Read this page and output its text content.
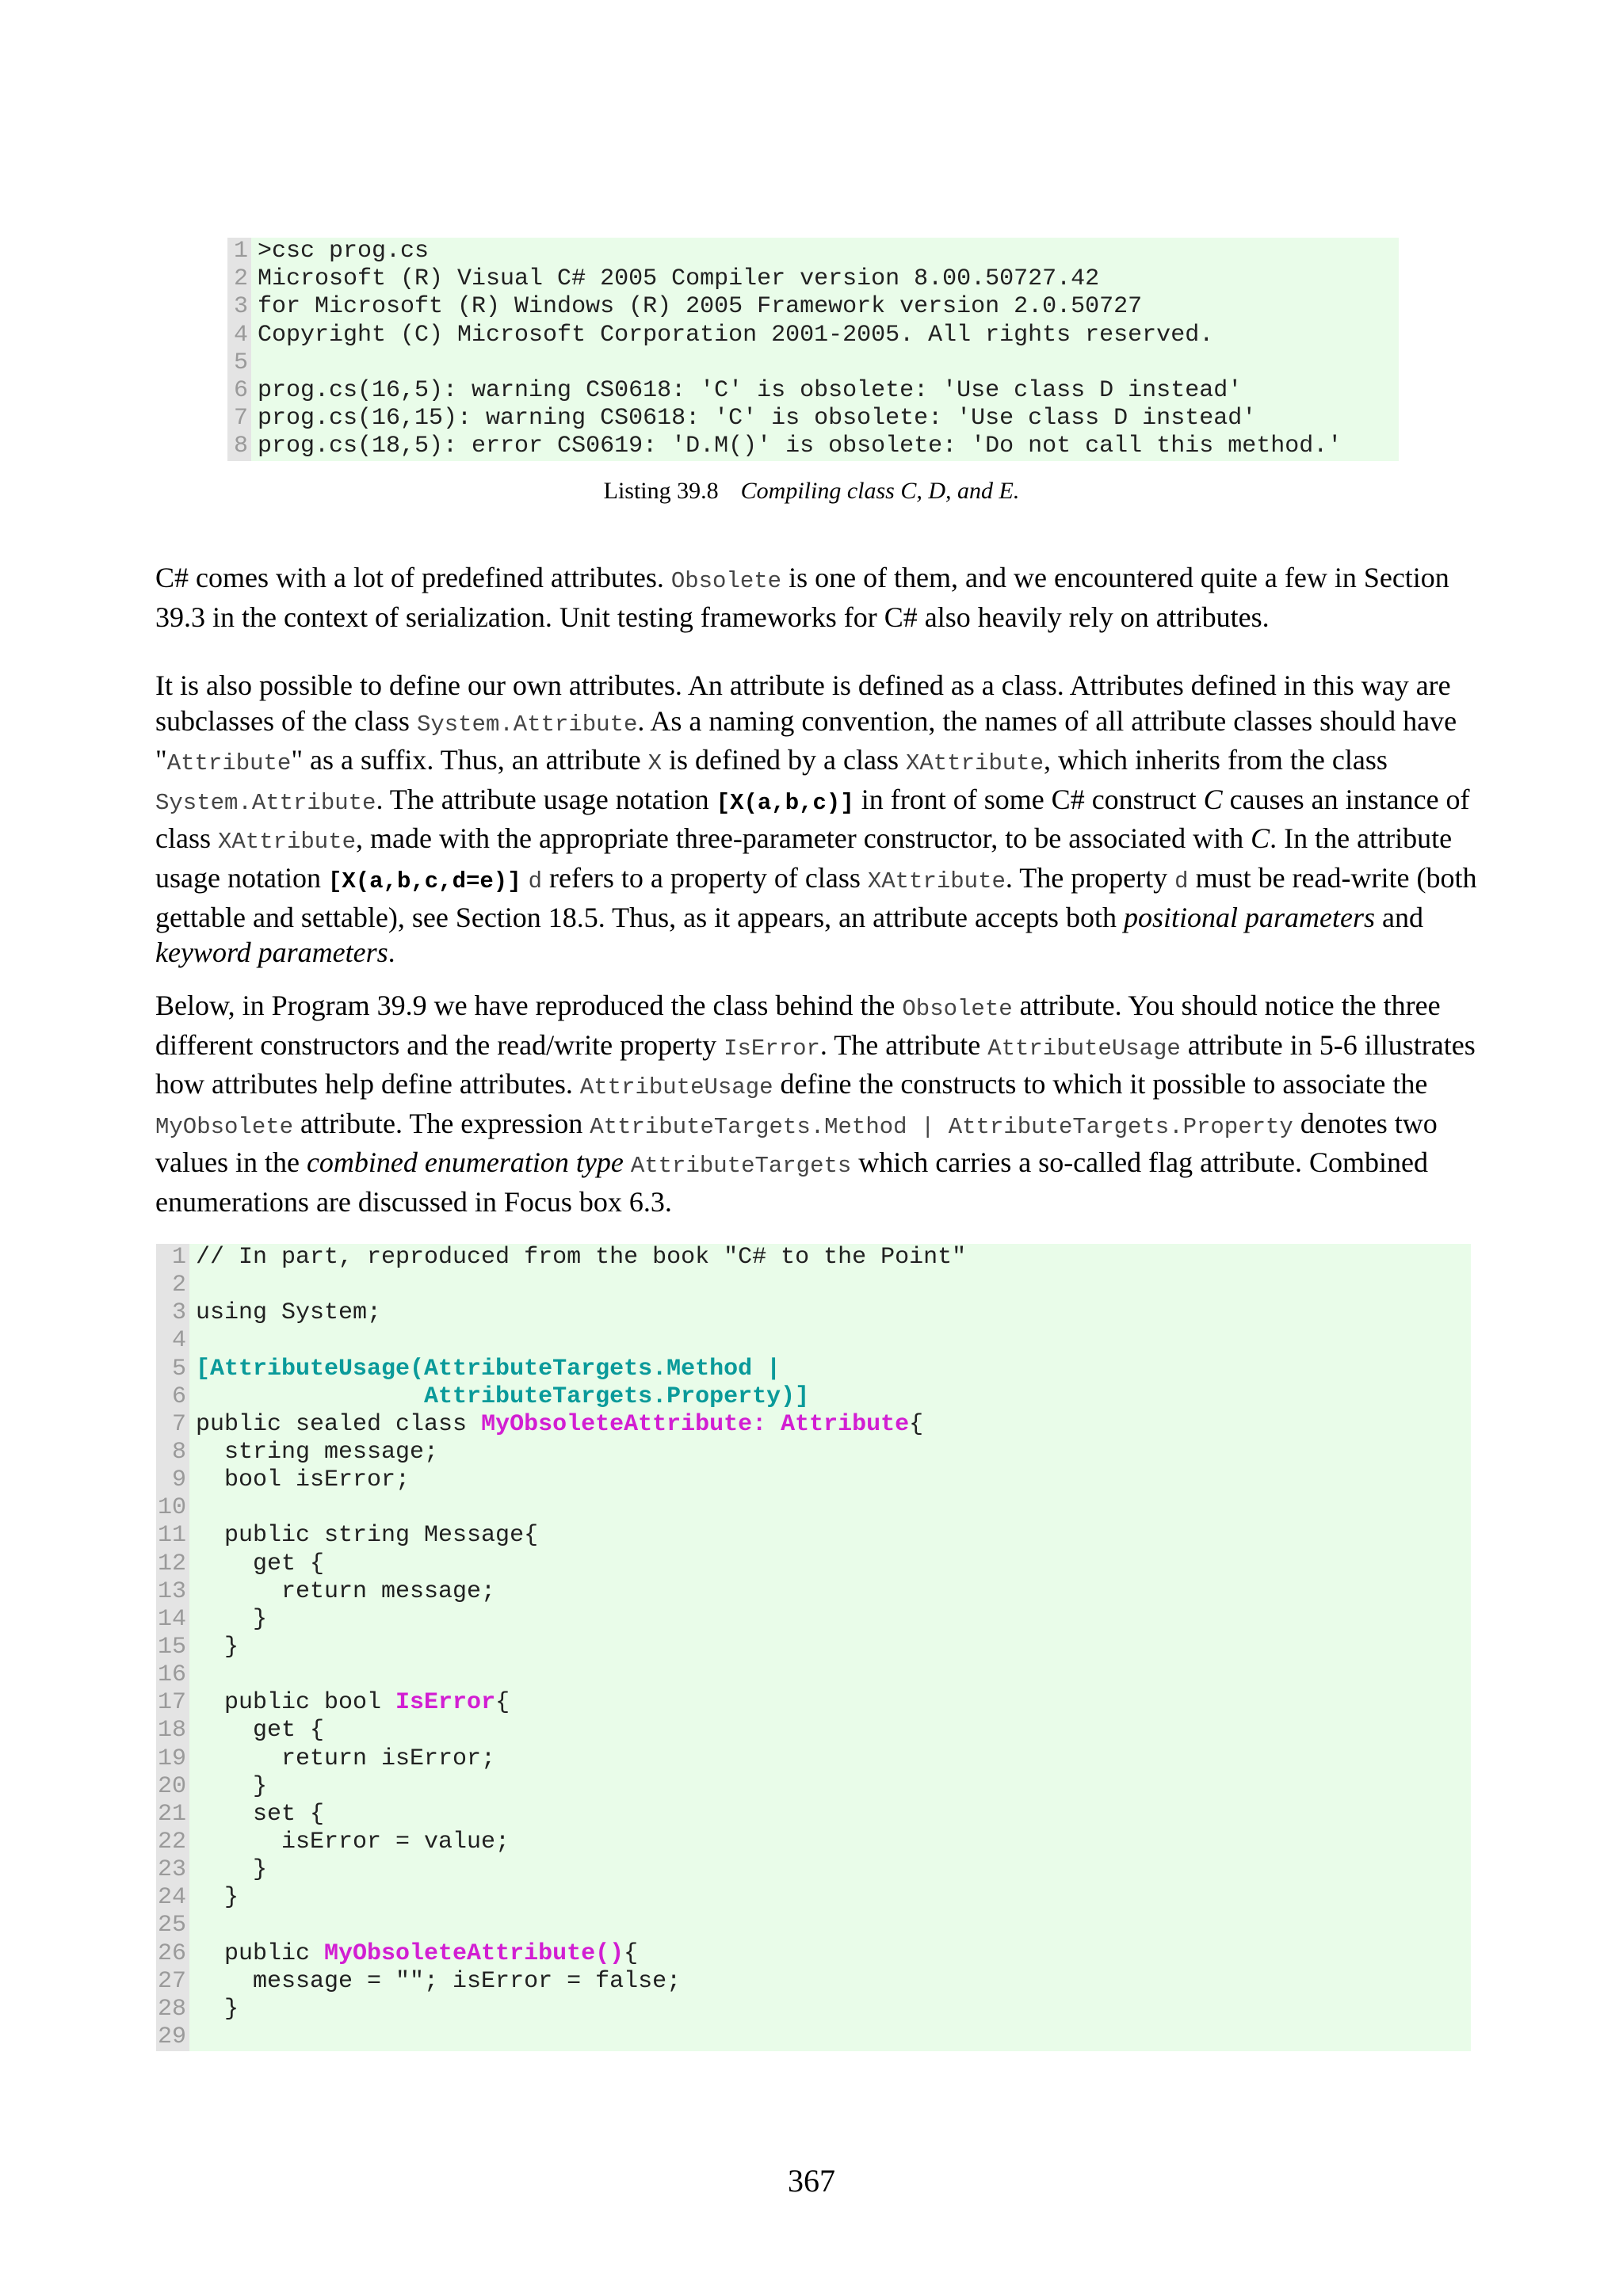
1 >csc prog.cs
2 Microsoft (R) Visual C# 2005 Compiler version 8.00.50727.42
3 for Microsoft (R) Windows (R) 2005 Framework version 2.0.50727
4 Copyright (C) Microsoft Corporation 2001-2005. All rights reserved.
5
6 prog.cs(16,5): warning CS0618: 'C' is obsolete: 'Use class D instead'
7 prog.cs(16,15): warning CS0618: 'C' is obsolete: 'Use class D instead'
8 prog.cs(18,5): error CS0619: 'D.M()' is obsolete: 'Do not call this method.'
Listing 39.8 Compiling class C, D, and E.

C# comes with a lot of predefined attributes. Obsolete is one of them, and we encountered quite a few in Section 39.3 in the context of serialization. Unit testing frameworks for C# also heavily rely on attributes.

It is also possible to define our own attributes. An attribute is defined as a class. Attributes defined in this way are subclasses of the class System.Attribute. As a naming convention, the names of all attribute classes should have "Attribute" as a suffix. Thus, an attribute X is defined by a class XAttribute, which inherits from the class System.Attribute. The attribute usage notation [X(a,b,c)] in front of some C# construct C causes an instance of class XAttribute, made with the appropriate three-parameter constructor, to be associated with C. In the attribute usage notation [X(a,b,c,d=e)] d refers to a property of class XAttribute. The property d must be read-write (both gettable and settable), see Section 18.5. Thus, as it appears, an attribute accepts both positional parameters and keyword parameters.

Below, in Program 39.9 we have reproduced the class behind the Obsolete attribute. You should notice the three different constructors and the read/write property IsError. The attribute AttributeUsage attribute in 5-6 illustrates how attributes help define attributes. AttributeUsage define the constructs to which it possible to associate the MyObsolete attribute. The expression AttributeTargets.Method | AttributeTargets.Property denotes two values in the combined enumeration type AttributeTargets which carries a so-called flag attribute. Combined enumerations are discussed in Focus box 6.3.

1 // In part, reproduced from the book "C# to the Point"
2
3 using System;
4
5 [AttributeUsage(AttributeTargets.Method |
6 AttributeTargets.Property)]
7 public sealed class MyObsoleteAttribute: Attribute{
8 string message;
9 bool isError;
10
11 public string Message{
12 get {
13 return message;
14 }
15 }
16
17 public bool IsError{
18 get {
19 return isError;
20 }
21 set {
22 isError = value;
23 }
24 }
25
26 public MyObsoleteAttribute(){
27 message = ""; isError = false;
28 }
29
367
